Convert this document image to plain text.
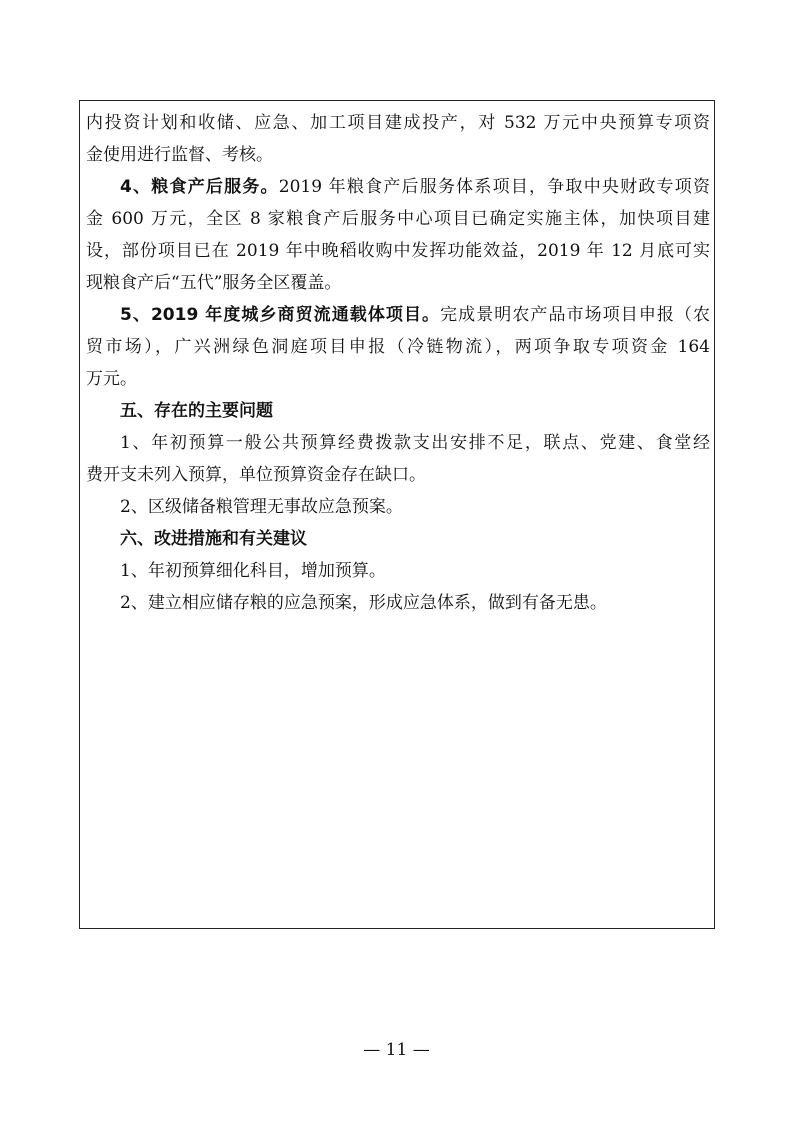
内投资计划和收储、应急、加工项目建成投产，对 532 万元中央预算专项资
金使用进行监督、考核。
4、粮食产后服务。2019 年粮食产后服务体系项目，争取中央财政专项资
金 600 万元，全区 8 家粮食产后服务中心项目已确定实施主体，加快项目建
设，部份项目已在 2019 年中晚稻收购中发挥功能效益，2019 年 12 月底可实
现粮食产后“五代”服务全区覆盖。
5、2019 年度城乡商贸流通载体项目。完成景明农产品市场项目申报（农
贸市场），广兴洲绿色洞庭项目申报（冷链物流），两项争取专项资金 164
万元。
五、存在的主要问题
1、年初预算一般公共预算经费拨款支出安排不足，联点、党建、食堂经
费开支未列入预算，单位预算资金存在缺口。
2、区级储备粮管理无事故应急预案。
六、改进措施和有关建议
1、年初预算细化科目，增加预算。
2、建立相应储存粮的应急预案，形成应急体系，做到有备无患。
— 11 —
